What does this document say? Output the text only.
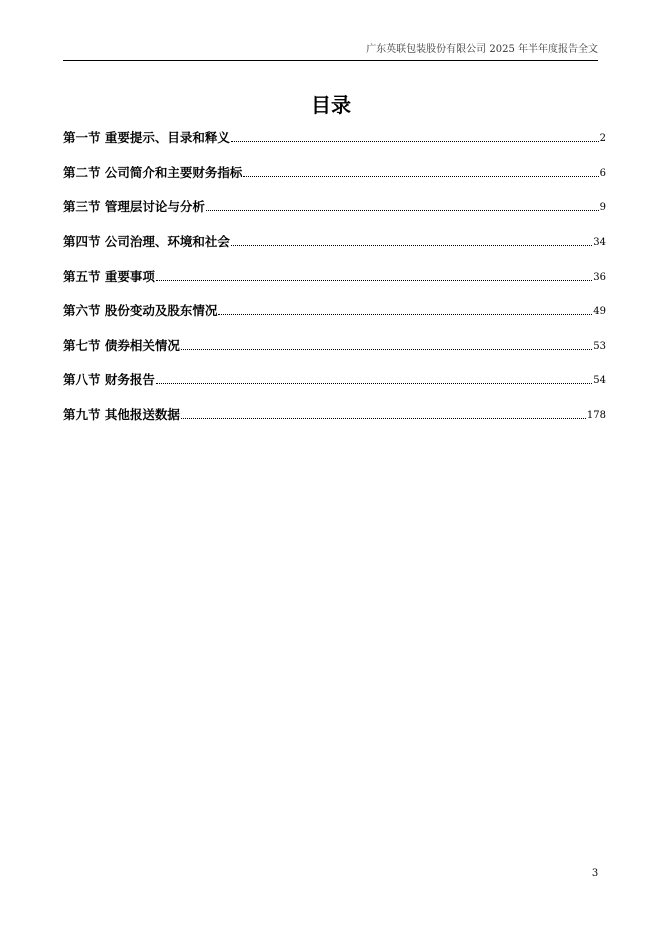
广东英联包装股份有限公司 2025 年半年度报告全文
目录
第一节 重要提示、目录和释义	2
第二节 公司简介和主要财务指标	6
第三节 管理层讨论与分析	9
第四节 公司治理、环境和社会	34
第五节 重要事项	36
第六节 股份变动及股东情况	49
第七节 债券相关情况	53
第八节 财务报告	54
第九节 其他报送数据	178
3
